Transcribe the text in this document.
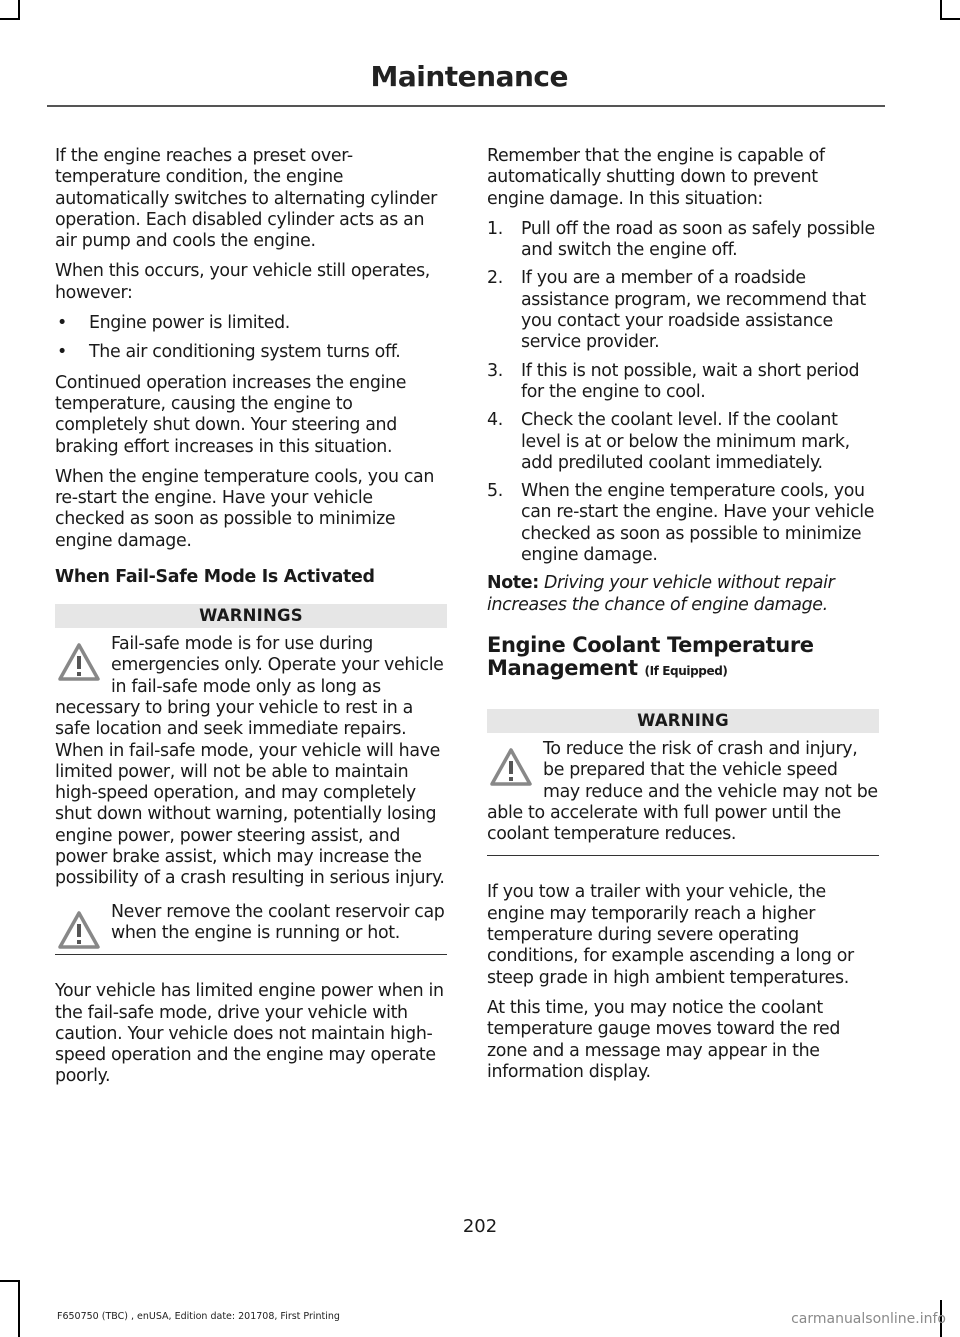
Maintenance

If the engine reaches a preset over-temperature condition, the engine automatically switches to alternating cylinder operation. Each disabled cylinder acts as an air pump and cools the engine.

When this occurs, your vehicle still operates, however:

• Engine power is limited.
• The air conditioning system turns off.

Continued operation increases the engine temperature, causing the engine to completely shut down. Your steering and braking effort increases in this situation.

When the engine temperature cools, you can re-start the engine. Have your vehicle checked as soon as possible to minimize engine damage.

When Fail-Safe Mode Is Activated
WARNINGS
Fail-safe mode is for use during emergencies only. Operate your vehicle in fail-safe mode only as long as necessary to bring your vehicle to rest in a safe location and seek immediate repairs. When in fail-safe mode, your vehicle will have limited power, will not be able to maintain high-speed operation, and may completely shut down without warning, potentially losing engine power, power steering assist, and power brake assist, which may increase the possibility of a crash resulting in serious injury.
Never remove the coolant reservoir cap when the engine is running or hot.

Your vehicle has limited engine power when in the fail-safe mode, drive your vehicle with caution. Your vehicle does not maintain high-speed operation and the engine may operate poorly.

Remember that the engine is capable of automatically shutting down to prevent engine damage. In this situation:

1. Pull off the road as soon as safely possible and switch the engine off.
2. If you are a member of a roadside assistance program, we recommend that you contact your roadside assistance service provider.
3. If this is not possible, wait a short period for the engine to cool.
4. Check the coolant level. If the coolant level is at or below the minimum mark, add prediluted coolant immediately.
5. When the engine temperature cools, you can re-start the engine. Have your vehicle checked as soon as possible to minimize engine damage.

Note: Driving your vehicle without repair increases the chance of engine damage.

Engine Coolant Temperature Management (If Equipped)
WARNING
To reduce the risk of crash and injury, be prepared that the vehicle speed may reduce and the vehicle may not be able to accelerate with full power until the coolant temperature reduces.

If you tow a trailer with your vehicle, the engine may temporarily reach a higher temperature during severe operating conditions, for example ascending a long or steep grade in high ambient temperatures.

At this time, you may notice the coolant temperature gauge moves toward the red zone and a message may appear in the information display.

202
F650750 (TBC) , enUSA, Edition date: 201708, First Printing	carmanualsonline.info
